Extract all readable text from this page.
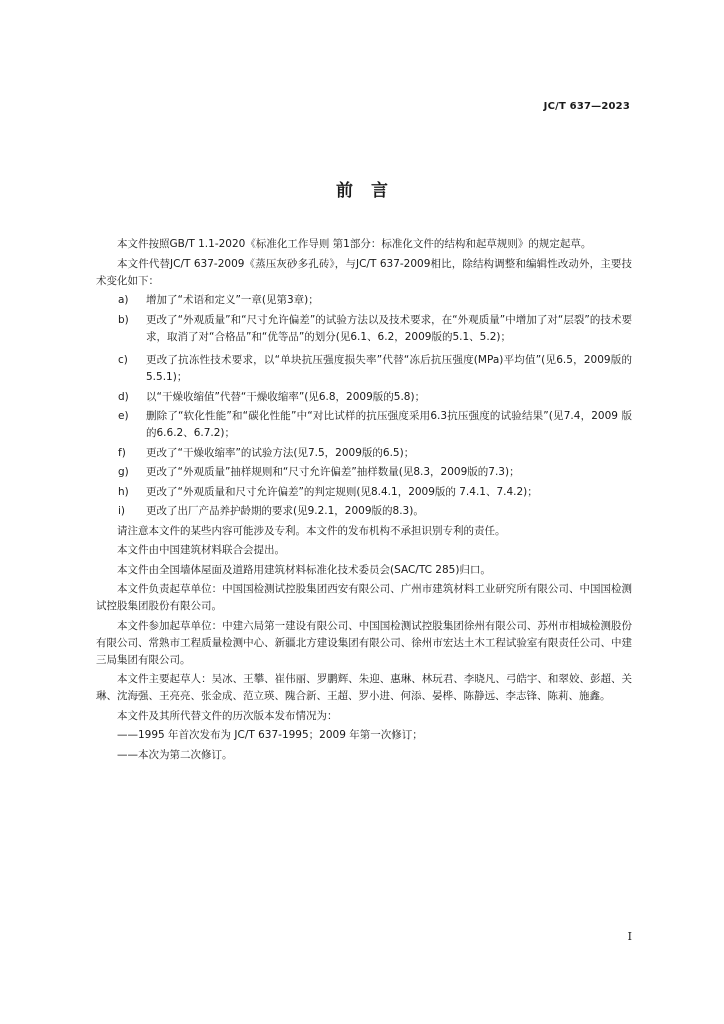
JC/T 637—2023
前 言

本文件按照GB/T 1.1-2020《标准化工作导则 第1部分：标准化文件的结构和起草规则》的规定起草。

本文件代替JC/T 637-2009《蒸压灰砂多孔砖》，与JC/T 637-2009相比，除结构调整和编辑性改动外，主要技术变化如下：

a) 增加了“术语和定义”一章(见第3章)；
b) 更改了“外观质量”和“尺寸允许偏差”的试验方法以及技术要求，在“外观质量”中增加了对“层裂”的技术要求，取消了对“合格品”和“优等品”的划分(见6.1、6.2，2009版的5.1、5.2)；
c) 更改了抗冻性技术要求，以“单块抗压强度损失率”代替“冻后抗压强度(MPa)平均值”(见6.5，2009版的5.5.1)；
d) 以“干燥收缩值”代替“干燥收缩率”(见6.8，2009版的5.8)；
e) 删除了“软化性能”和“碳化性能”中“对比试样的抗压强度采用6.3抗压强度的试验结果”(见7.4，2009 版的6.6.2、6.7.2)；
f) 更改了“干燥收缩率”的试验方法(见7.5，2009版的6.5)；
g) 更改了“外观质量”抽样规则和“尺寸允许偏差”抽样数量(见8.3，2009版的7.3)；
h) 更改了“外观质量和尺寸允许偏差”的判定规则(见8.4.1，2009版的 7.4.1、7.4.2)；
i) 更改了出厂产品养护龄期的要求(见9.2.1，2009版的8.3)。

请注意本文件的某些内容可能涉及专利。本文件的发布机构不承担识别专利的责任。

本文件由中国建筑材料联合会提出。

本文件由全国墙体屋面及道路用建筑材料标准化技术委员会(SAC/TC 285)归口。

本文件负责起草单位：中国国检测试控股集团西安有限公司、广州市建筑材料工业研究所有限公司、中国国检测试控股集团股份有限公司。

本文件参加起草单位：中建六局第一建设有限公司、中国国检测试控股集团徐州有限公司、苏州市相城检测股份有限公司、常熟市工程质量检测中心、新疆北方建设集团有限公司、徐州市宏达土木工程试验室有限责任公司、中建三局集团有限公司。

本文件主要起草人：吴冰、王攀、崔伟丽、罗鹏辉、朱迎、惠琳、林玩君、李晓凡、弓皓宇、和翠姣、彭超、关琳、沈海强、王亮亮、张金成、范立瑛、隗合新、王超、罗小进、何添、晏桦、陈静远、李志锋、陈莉、施鑫。

本文件及其所代替文件的历次版本发布情况为：

——1995 年首次发布为 JC/T 637-1995；2009 年第一次修订；

——本次为第二次修订。

I
